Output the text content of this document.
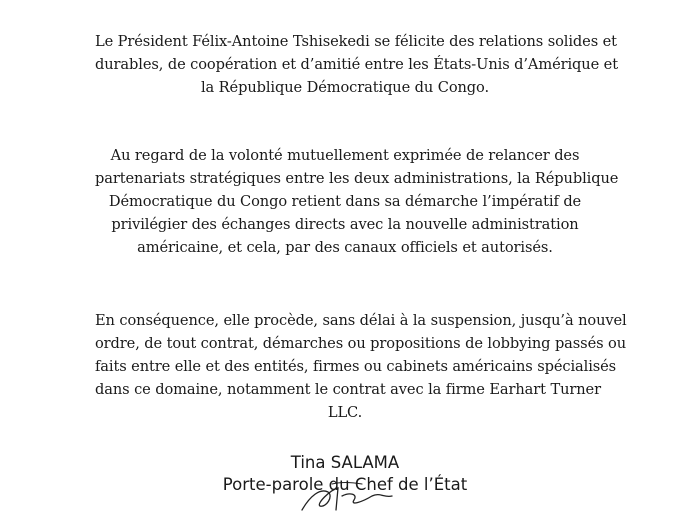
Le Président Félix-Antoine Tshisekedi se félicite des relations solides et
durables, de coopération et d’amitié entre les États-Unis d’Amérique et
la République Démocratique du Congo.

Au regard de la volonté mutuellement exprimée de relancer des
partenariats stratégiques entre les deux administrations, la République
Démocratique du Congo retient dans sa démarche l’impératif de
privilégier des échanges directs avec la nouvelle administration
américaine, et cela, par des canaux officiels et autorisés.

En conséquence, elle procède, sans délai à la suspension, jusqu’à nouvel
ordre, de tout contrat, démarches ou propositions de lobbying passés ou
faits entre elle et des entités, firmes ou cabinets américains spécialisés
dans ce domaine, notamment le contrat avec la firme Earhart Turner
LLC.

Tina SALAMA
Porte-parole du Chef de l’État
